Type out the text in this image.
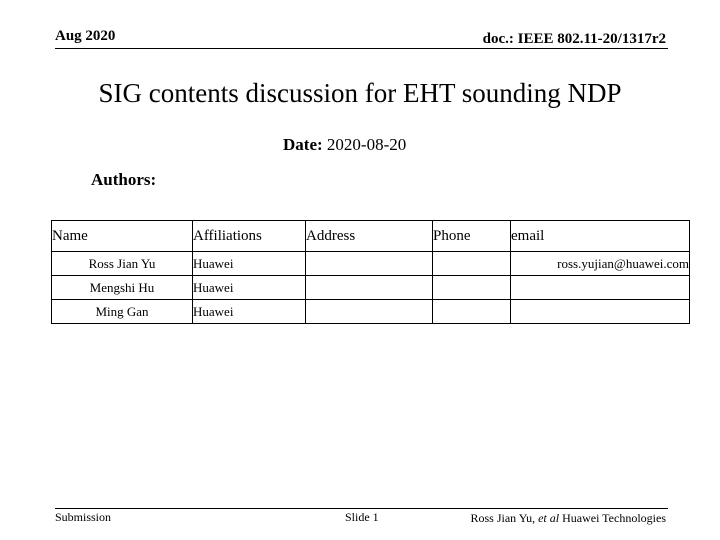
Aug 2020	doc.: IEEE 802.11-20/1317r2
SIG contents discussion for EHT sounding NDP
Date: 2020-08-20
Authors:
Name	Affiliations	Address	Phone	email
Ross Jian Yu	Huawei			ross.yujian@huawei.com
Mengshi Hu	Huawei			
Ming Gan	Huawei			
Submission	Slide 1	Ross Jian Yu, et al Huawei Technologies
